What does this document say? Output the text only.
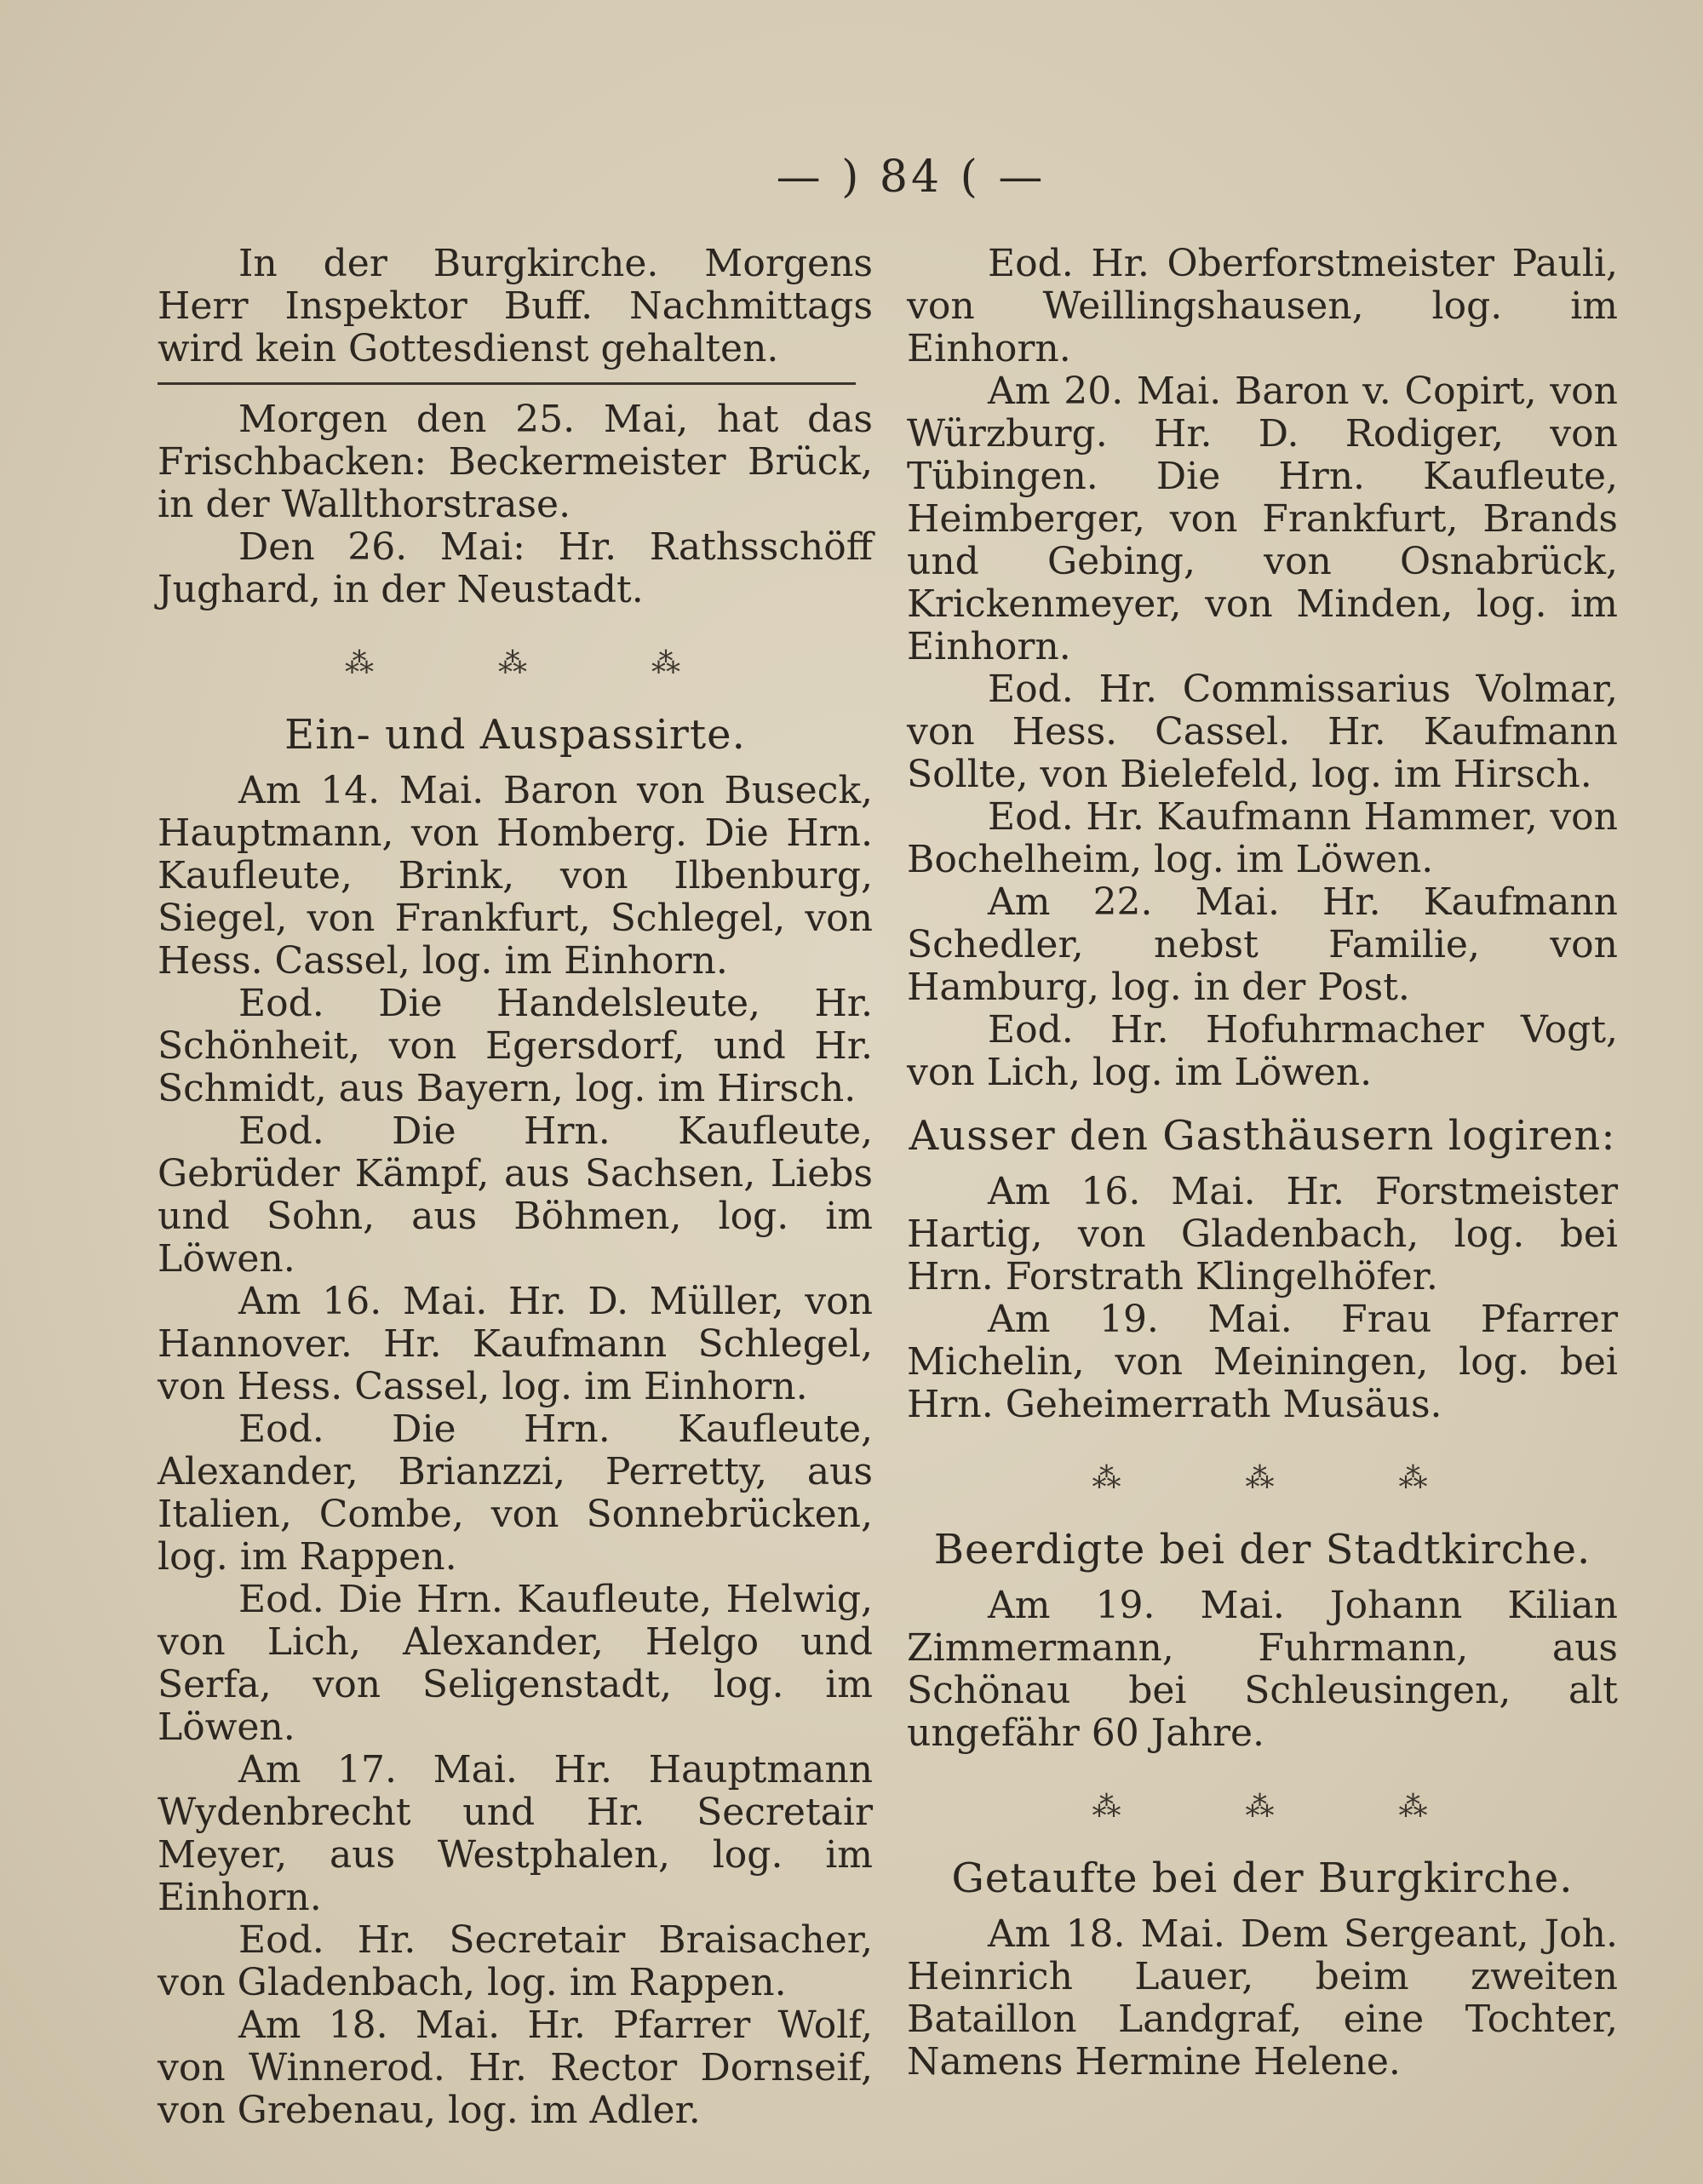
— ) 84 ( —

In der Burgkirche. Morgens Herr Inspektor Buff. Nachmittags wird kein Gottesdienst gehalten.

Morgen den 25. Mai, hat das Frischbacken: Beckermeister Brück, in der Wallthorstrase.

Den 26. Mai: Hr. Rathsschöff Jughard, in der Neustadt.

⁂	⁂	⁂
Ein- und Auspassirte.

Am 14. Mai. Baron von Buseck, Hauptmann, von Homberg. Die Hrn. Kaufleute, Brink, von Ilbenburg, Siegel, von Frankfurt, Schlegel, von Hess. Cassel, log. im Einhorn.

Eod. Die Handelsleute, Hr. Schönheit, von Egersdorf, und Hr. Schmidt, aus Bayern, log. im Hirsch.

Eod. Die Hrn. Kaufleute, Gebrüder Kämpf, aus Sachsen, Liebs und Sohn, aus Böhmen, log. im Löwen.

Am 16. Mai. Hr. D. Müller, von Hannover. Hr. Kaufmann Schlegel, von Hess. Cassel, log. im Einhorn.

Eod. Die Hrn. Kaufleute, Alexander, Brianzzi, Perretty, aus Italien, Combe, von Sonnebrücken, log. im Rappen.

Eod. Die Hrn. Kaufleute, Helwig, von Lich, Alexander, Helgo und Serfa, von Seligenstadt, log. im Löwen.

Am 17. Mai. Hr. Hauptmann Wydenbrecht und Hr. Secretair Meyer, aus Westphalen, log. im Einhorn.

Eod. Hr. Secretair Braisacher, von Gladenbach, log. im Rappen.

Am 18. Mai. Hr. Pfarrer Wolf, von Winnerod. Hr. Rector Dornseif, von Grebenau, log. im Adler.

Eod. Hr. Oberforstmeister Pauli, von Weillingshausen, log. im Einhorn.

Am 20. Mai. Baron v. Copirt, von Würzburg. Hr. D. Rodiger, von Tübingen. Die Hrn. Kaufleute, Heimberger, von Frankfurt, Brands und Gebing, von Osnabrück, Krickenmeyer, von Minden, log. im Einhorn.

Eod. Hr. Commissarius Volmar, von Hess. Cassel. Hr. Kaufmann Sollte, von Bielefeld, log. im Hirsch.

Eod. Hr. Kaufmann Hammer, von Bochelheim, log. im Löwen.

Am 22. Mai. Hr. Kaufmann Schedler, nebst Familie, von Hamburg, log. in der Post.

Eod. Hr. Hofuhrmacher Vogt, von Lich, log. im Löwen.

Ausser den Gasthäusern logiren:

Am 16. Mai. Hr. Forstmeister Hartig, von Gladenbach, log. bei Hrn. Forstrath Klingelhöfer.

Am 19. Mai. Frau Pfarrer Michelin, von Meiningen, log. bei Hrn. Geheimerrath Musäus.

⁂	⁂	⁂
Beerdigte bei der Stadtkirche.

Am 19. Mai. Johann Kilian Zimmermann, Fuhrmann, aus Schönau bei Schleusingen, alt ungefähr 60 Jahre.

⁂	⁂	⁂
Getaufte bei der Burgkirche.

Am 18. Mai. Dem Sergeant, Joh. Heinrich Lauer, beim zweiten Bataillon Landgraf, eine Tochter, Namens Hermine Helene.
